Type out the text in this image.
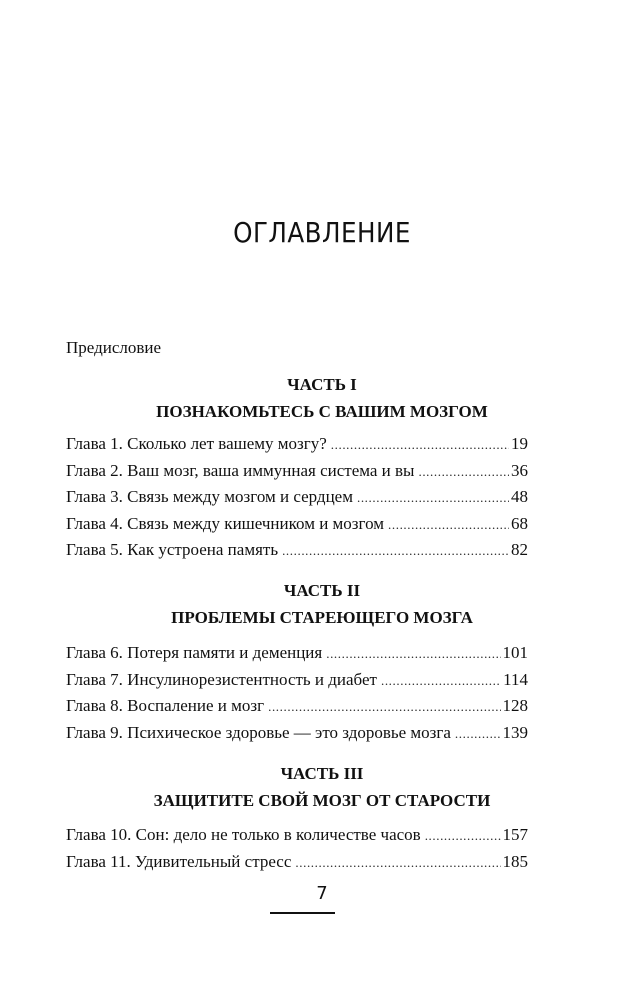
ОГЛАВЛЕНИЕ
Предисловие
ЧАСТЬ I
ПОЗНАКОМЬТЕСЬ С ВАШИМ МОЗГОМ
Глава 1. Сколько лет вашему мозгу? .....	19
Глава 2. Ваш мозг, ваша иммунная система и вы .....	36
Глава 3. Связь между мозгом и сердцем .....	48
Глава 4. Связь между кишечником и мозгом .....	68
Глава 5. Как устроена память .....	82
ЧАСТЬ II
ПРОБЛЕМЫ СТАРЕЮЩЕГО МОЗГА
Глава 6. Потеря памяти и деменция .....	101
Глава 7. Инсулинорезистентность и диабет .....	114
Глава 8. Воспаление и мозг .....	128
Глава 9. Психическое здоровье — это здоровье мозга .....	139
ЧАСТЬ III
ЗАЩИТИТЕ СВОЙ МОЗГ ОТ СТАРОСТИ
Глава 10. Сон: дело не только в количестве часов .....	157
Глава 11. Удивительный стресс .....	185
7
